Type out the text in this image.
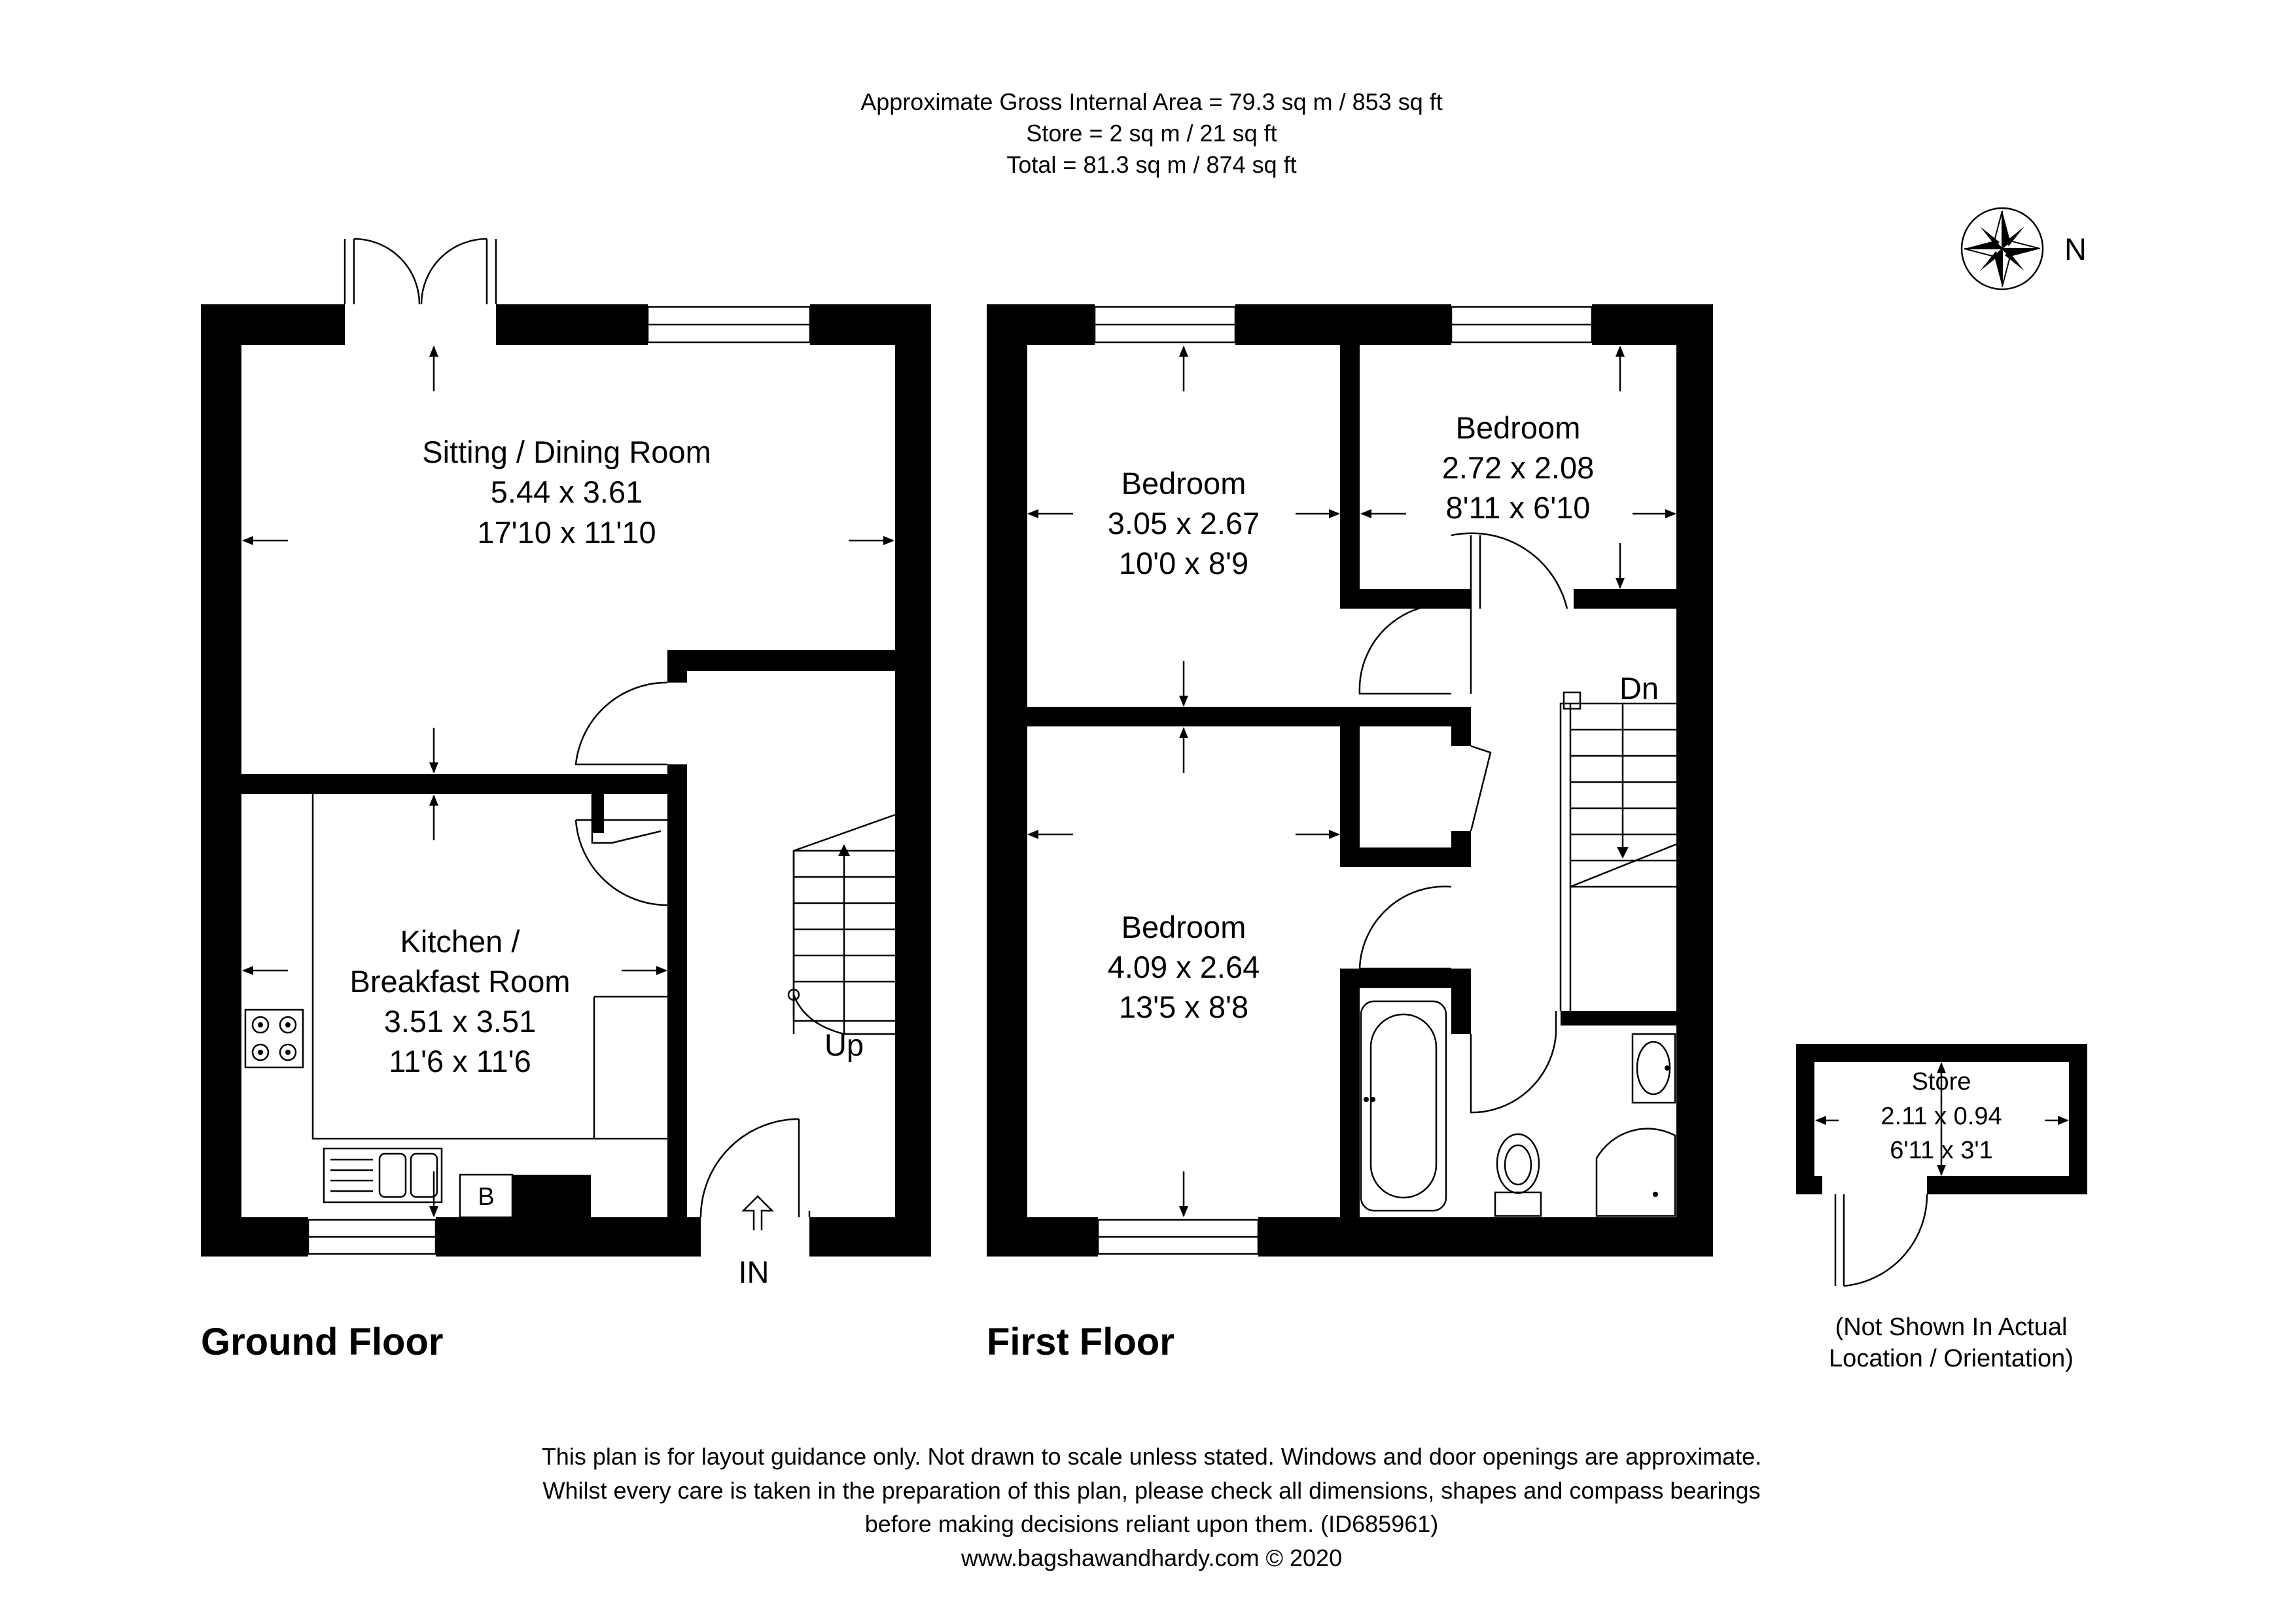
Approximate Gross Internal Area = 79.3 sq m / 853 sq ft
Store = 2 sq m / 21 sq ft
Total = 81.3 sq m / 874 sq ft
N
B
Sitting / Dining Room
5.44 x 3.61
17'10 x 11'10
Kitchen /
Breakfast Room
3.51 x 3.51
11'6 x 11'6	Up
IN
Ground Floor
Bedroom
3.05 x 2.67
10'0 x 8'9
Bedroom
2.72 x 2.08
8'11 x 6'10
Bedroom
4.09 x 2.64
13'5 x 8'8
Dn
First Floor
Store
2.11 x 0.94
6'11 x 3'1
(Not Shown In Actual
Location / Orientation)
This plan is for layout guidance only. Not drawn to scale unless stated. Windows and door openings are approximate.
Whilst every care is taken in the preparation of this plan, please check all dimensions, shapes and compass bearings
before making decisions reliant upon them. (ID685961)
www.bagshawandhardy.com © 2020
